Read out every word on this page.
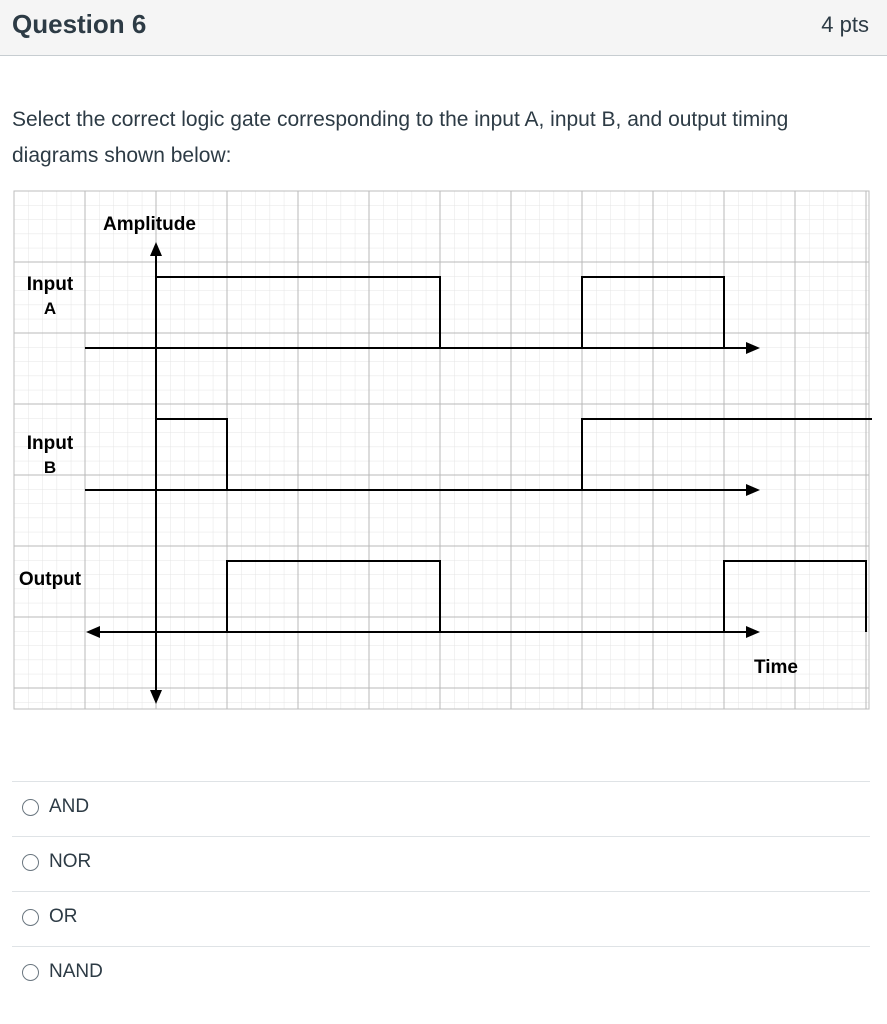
Question 6	4 pts
Select the correct logic gate corresponding to the input A, input B, and output timing diagrams shown below:
Amplitude
Time
Input
A
Input
B
Output
AND
NOR
OR
NAND
